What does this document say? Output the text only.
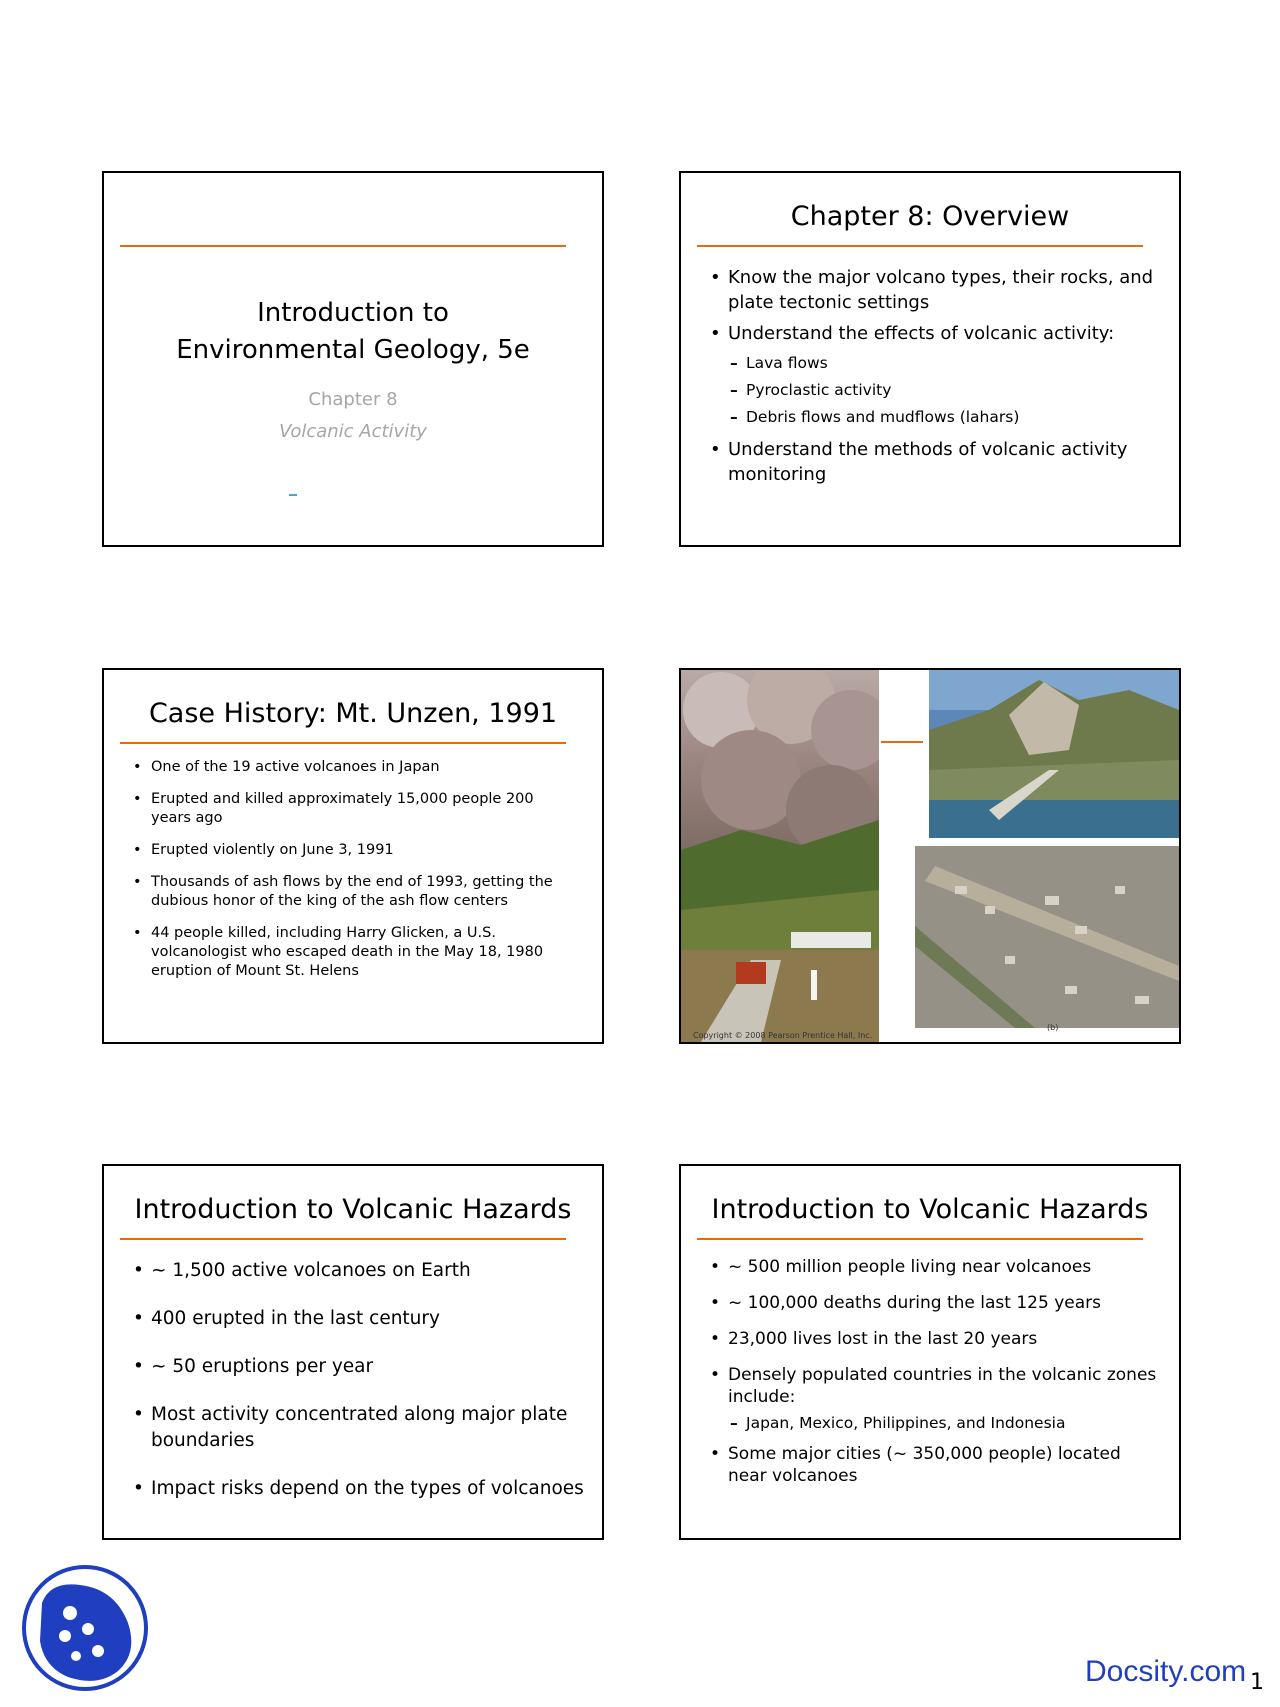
Introduction to
Environmental Geology, 5e
Chapter 8
Volcanic Activity
Chapter 8: Overview
• Know the major volcano types, their rocks, and plate tectonic settings
• Understand the effects of volcanic activity:
– Lava flows
– Pyroclastic activity
– Debris flows and mudflows (lahars)
• Understand the methods of volcanic activity monitoring
Case History: Mt. Unzen, 1991
• One of the 19 active volcanoes in Japan
• Erupted and killed approximately 15,000 people 200 years ago
• Erupted violently on June 3, 1991
• Thousands of ash flows by the end of 1993, getting the dubious honor of the king of the ash flow centers
• 44 people killed, including Harry Glicken, a U.S. volcanologist who escaped death in the May 18, 1980 eruption of Mount St. Helens
(b)
Copyright © 2008 Pearson Prentice Hall, Inc.
Introduction to Volcanic Hazards
• ~ 1,500 active volcanoes on Earth
• 400 erupted in the last century
• ~ 50 eruptions per year
• Most activity concentrated along major plate boundaries
• Impact risks depend on the types of volcanoes
Introduction to Volcanic Hazards
• ~ 500 million people living near volcanoes
• ~ 100,000 deaths during the last 125 years
• 23,000 lives lost in the last 20 years
• Densely populated countries in the volcanic zones include:
– Japan, Mexico, Philippines, and Indonesia
• Some major cities (~ 350,000 people) located near volcanoes
Docsity.com 1
